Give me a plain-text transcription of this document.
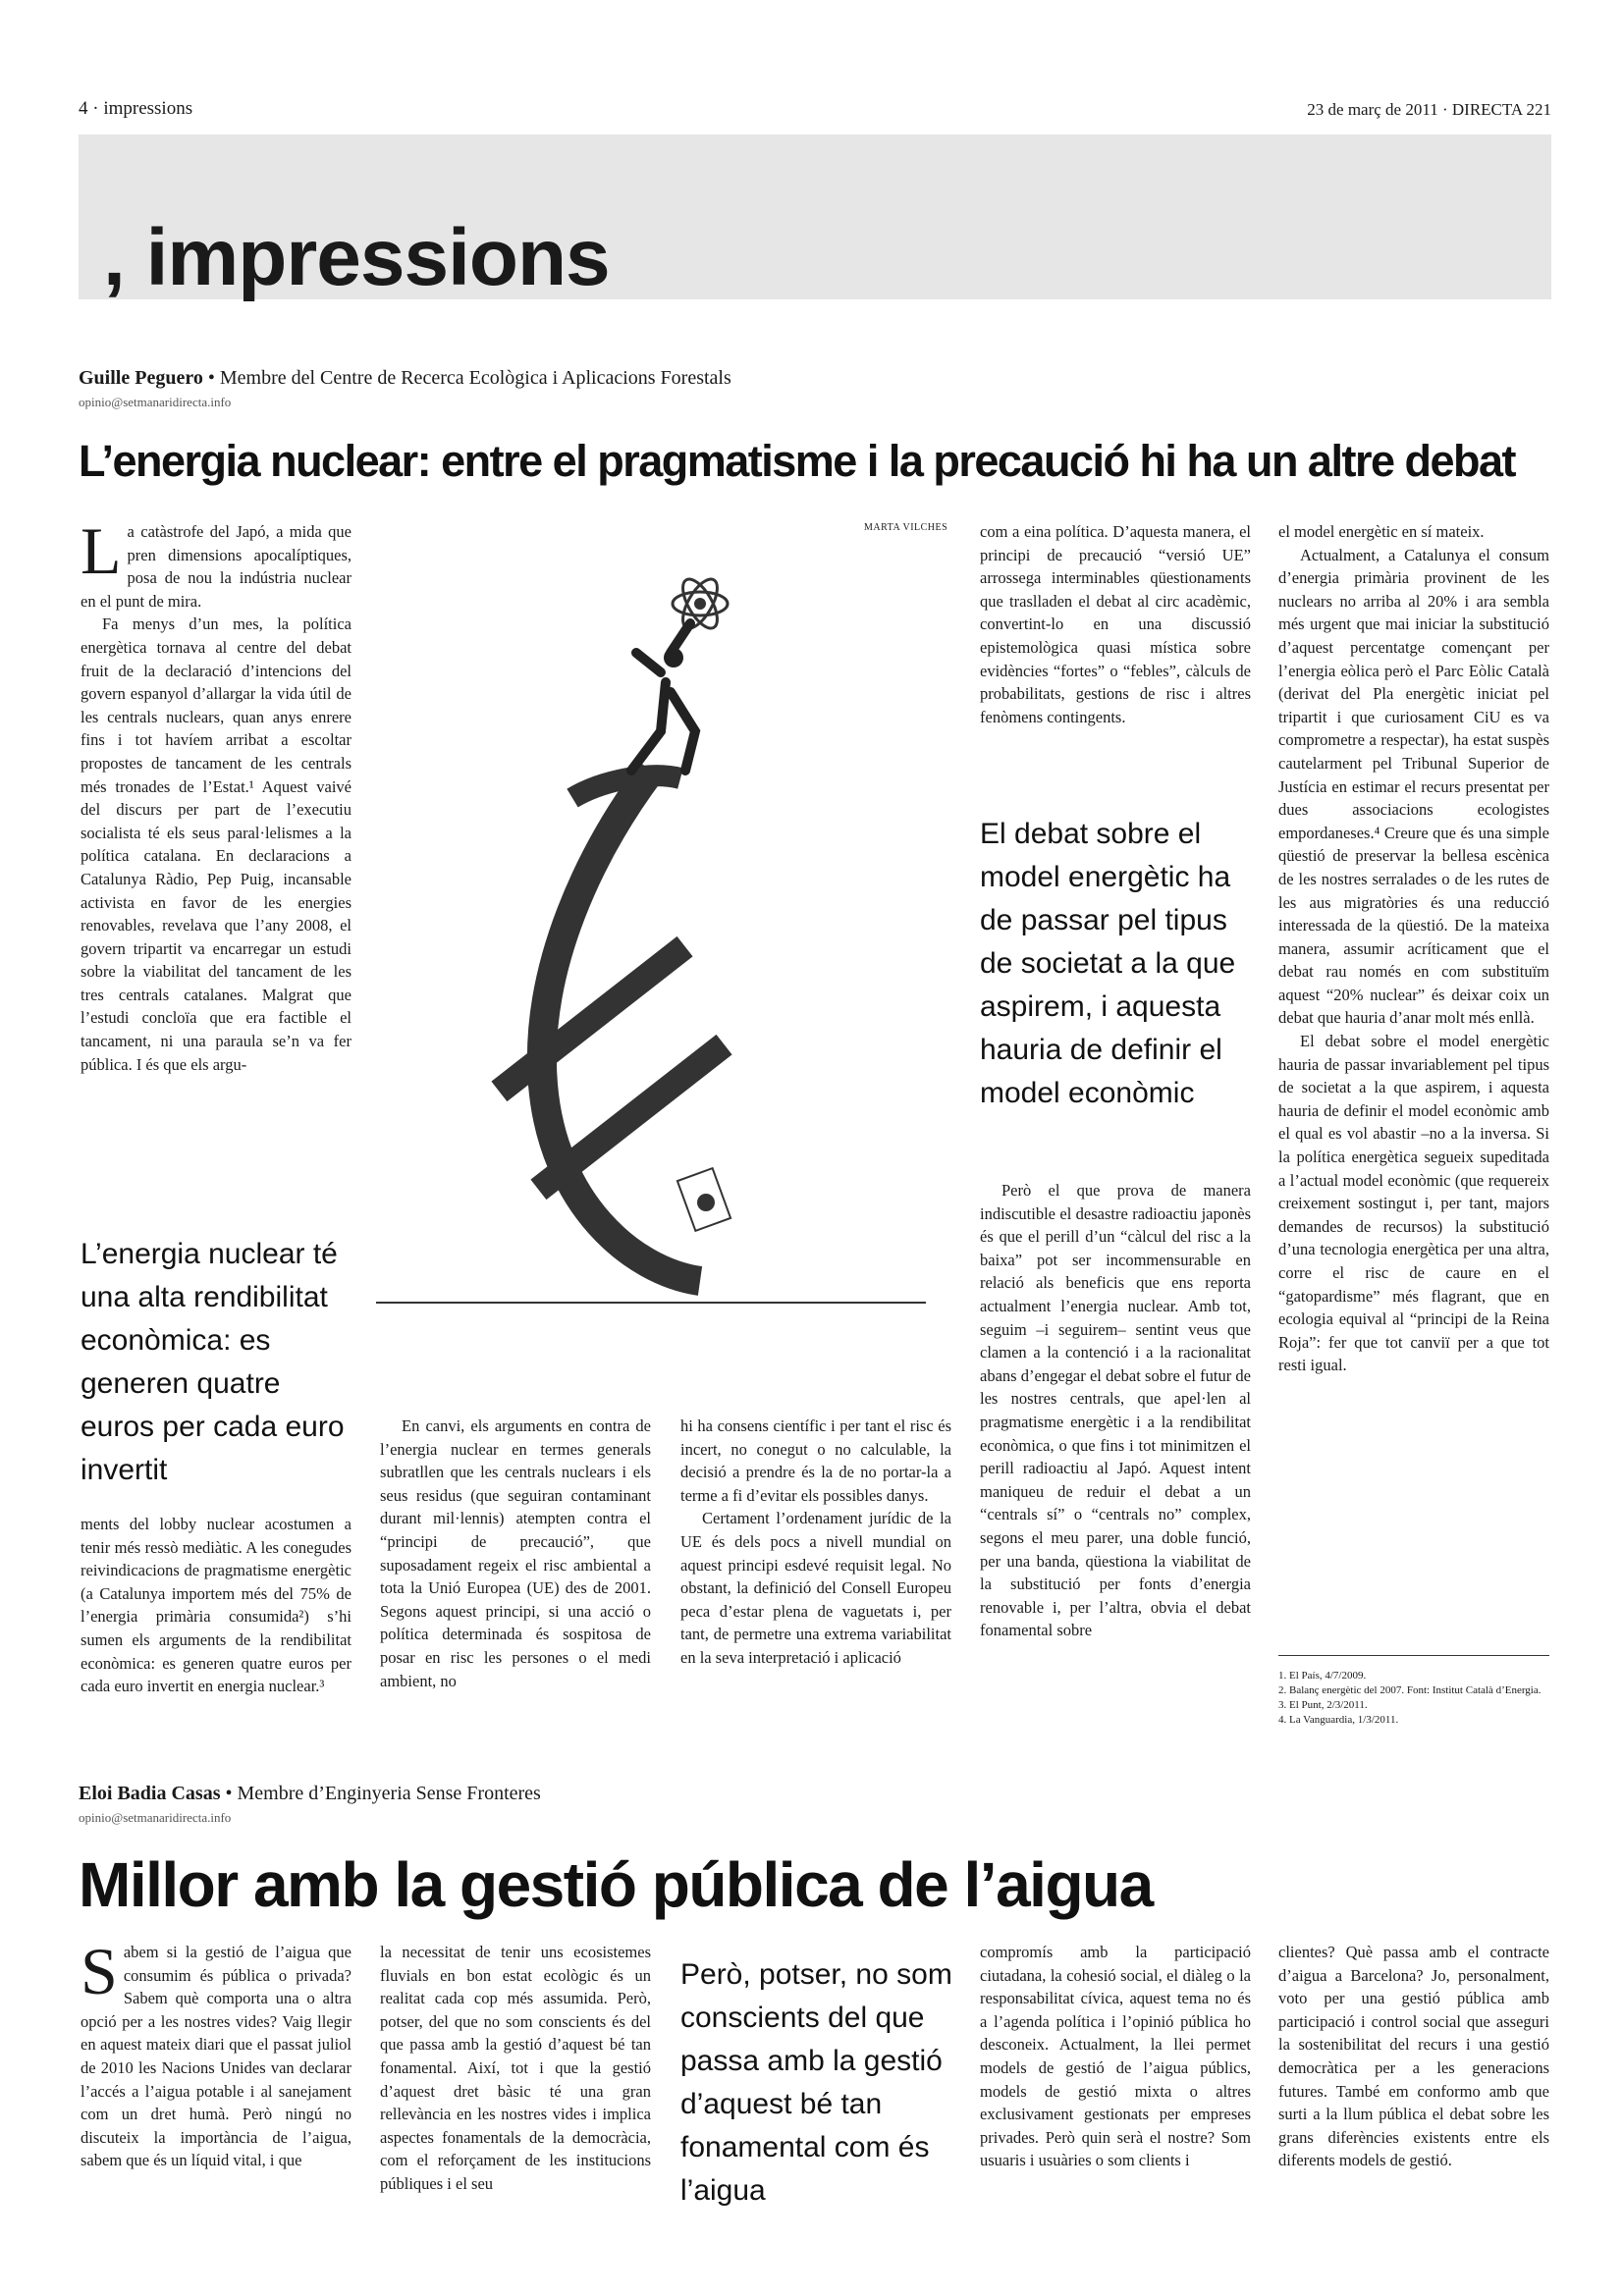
4 · impressions	23 de març de 2011 · DIRECTA 221
, impressions
Guille Peguero • Membre del Centre de Recerca Ecològica i Aplicacions Forestals
opinio@setmanaridirecta.info
L’energia nuclear: entre el pragmatisme i la precaució hi ha un altre debat

La catàstrofe del Japó, a mida que pren dimensions apocalíptiques, posa de nou la indústria nuclear en el punt de mira.

Fa menys d’un mes, la política energètica tornava al centre del debat fruit de la declaració d’intencions del govern espanyol d’allargar la vida útil de les centrals nuclears, quan anys enrere fins i tot havíem arribat a escoltar propostes de tancament de les centrals més tronades de l’Estat.¹ Aquest vaivé del discurs per part de l’executiu socialista té els seus paral·lelismes a la política catalana. En declaracions a Catalunya Ràdio, Pep Puig, incansable activista en favor de les energies renovables, revelava que l’any 2008, el govern tripartit va encarregar un estudi sobre la viabilitat del tancament de les tres centrals catalanes. Malgrat que l’estudi concloïa que era factible el tancament, ni una paraula se’n va fer pública. I és que els argu-

L’energia nuclear té una alta rendibilitat econòmica: es generen quatre euros per cada euro invertit

ments del lobby nuclear acostumen a tenir més ressò mediàtic. A les conegudes reivindicacions de pragmatisme energètic (a Catalunya importem més del 75% de l’energia primària consumida²) s’hi sumen els arguments de la rendibilitat econòmica: es generen quatre euros per cada euro invertit en energia nuclear.³

MARTA VILCHES

En canvi, els arguments en contra de l’energia nuclear en termes generals subratllen que les centrals nuclears i els seus residus (que seguiran contaminant durant mil·lennis) atempten contra el “principi de precaució”, que suposadament regeix el risc ambiental a tota la Unió Europea (UE) des de 2001. Segons aquest principi, si una acció o política determinada és sospitosa de posar en risc les persones o el medi ambient, no

hi ha consens científic i per tant el risc és incert, no conegut o no calculable, la decisió a prendre és la de no portar-la a terme a fi d’evitar els possibles danys.

Certament l’ordenament jurídic de la UE és dels pocs a nivell mundial on aquest principi esdevé requisit legal. No obstant, la definició del Consell Europeu peca d’estar plena de vaguetats i, per tant, de permetre una extrema variabilitat en la seva interpretació i aplicació

com a eina política. D’aquesta manera, el principi de precaució “versió UE” arrossega interminables qüestionaments que traslladen el debat al circ acadèmic, convertint-lo en una discussió epistemològica quasi mística sobre evidències “fortes” o “febles”, càlculs de probabilitats, gestions de risc i altres fenòmens contingents.

El debat sobre el model energètic ha de passar pel tipus de societat a la que aspirem, i aquesta hauria de definir el model econòmic

Però el que prova de manera indiscutible el desastre radioactiu japonès és que el perill d’un “càlcul del risc a la baixa” pot ser incommensurable en relació als beneficis que ens reporta actualment l’energia nuclear. Amb tot, seguim –i seguirem– sentint veus que clamen a la contenció i a la racionalitat abans d’engegar el debat sobre el futur de les nostres centrals, que apel·len al pragmatisme energètic i a la rendibilitat econòmica, o que fins i tot minimitzen el perill radioactiu al Japó. Aquest intent maniqueu de reduir el debat a un “centrals sí” o “centrals no” complex, segons el meu parer, una doble funció, per una banda, qüestiona la viabilitat de la substitució per fonts d’energia renovable i, per l’altra, obvia el debat fonamental sobre

el model energètic en sí mateix.

Actualment, a Catalunya el consum d’energia primària provinent de les nuclears no arriba al 20% i ara sembla més urgent que mai iniciar la substitució d’aquest percentatge començant per l’energia eòlica però el Parc Eòlic Català (derivat del Pla energètic iniciat pel tripartit i que curiosament CiU es va comprometre a respectar), ha estat suspès cautelarment pel Tribunal Superior de Justícia en estimar el recurs presentat per dues associacions ecologistes empordaneses.⁴ Creure que és una simple qüestió de preservar la bellesa escènica de les nostres serralades o de les rutes de les aus migratòries és una reducció interessada de la qüestió. De la mateixa manera, assumir acríticament que el debat rau només en com substituïm aquest “20% nuclear” és deixar coix un debat que hauria d’anar molt més enllà.

El debat sobre el model energètic hauria de passar invariablement pel tipus de societat a la que aspirem, i aquesta hauria de definir el model econòmic amb el qual es vol abastir –no a la inversa. Si la política energètica segueix supeditada a l’actual model econòmic (que requereix creixement sostingut i, per tant, majors demandes de recursos) la substitució d’una tecnologia energètica per una altra, corre el risc de caure en el “gatopardisme” més flagrant, que en ecologia equival al “principi de la Reina Roja”: fer que tot canviï per a que tot resti igual.

1. El País, 4/7/2009.
2. Balanç energètic del 2007. Font: Institut Català d’Energia.
3. El Punt, 2/3/2011.
4. La Vanguardia, 1/3/2011.
Eloi Badia Casas • Membre d’Enginyeria Sense Fronteres
opinio@setmanaridirecta.info
Millor amb la gestió pública de l’aigua

Sabem si la gestió de l’aigua que consumim és pública o privada? Sabem què comporta una o altra opció per a les nostres vides? Vaig llegir en aquest mateix diari que el passat juliol de 2010 les Nacions Unides van declarar l’accés a l’aigua potable i al sanejament com un dret humà. Però ningú no discuteix la importància de l’aigua, sabem que és un líquid vital, i que

la necessitat de tenir uns ecosistemes fluvials en bon estat ecològic és un realitat cada cop més assumida. Però, potser, del que no som conscients és del que passa amb la gestió d’aquest bé tan fonamental. Així, tot i que la gestió d’aquest dret bàsic té una gran rellevància en les nostres vides i implica aspectes fonamentals de la democràcia, com el reforçament de les institucions públiques i el seu

Però, potser, no som conscients del que passa amb la gestió d’aquest bé tan fonamental com és l’aigua

compromís amb la participació ciutadana, la cohesió social, el diàleg o la responsabilitat cívica, aquest tema no és a l’agenda política i l’opinió pública ho desconeix. Actualment, la llei permet models de gestió de l’aigua públics, models de gestió mixta o altres exclusivament gestionats per empreses privades. Però quin serà el nostre? Som usuaris i usuàries o som clients i

clientes? Què passa amb el contracte d’aigua a Barcelona? Jo, personalment, voto per una gestió pública amb participació i control social que asseguri la sostenibilitat del recurs i una gestió democràtica per a les generacions futures. També em conformo amb que surti a la llum pública el debat sobre les grans diferències existents entre els diferents models de gestió.
